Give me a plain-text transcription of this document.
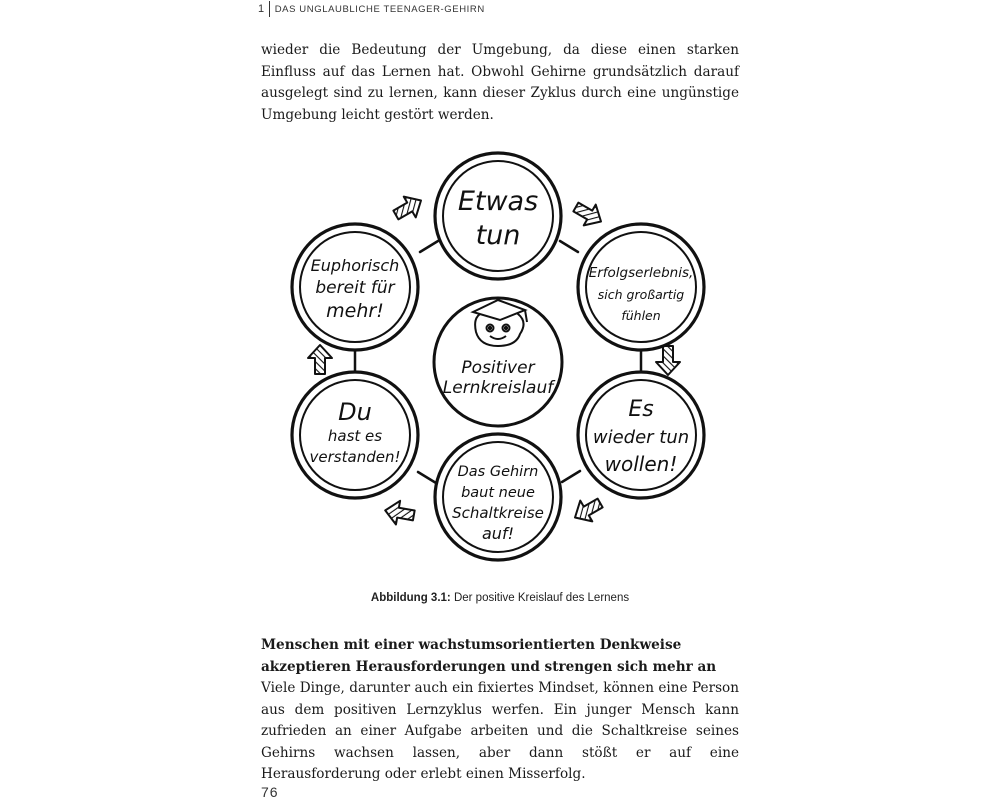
1	DAS UNGLAUBLICHE TEENAGER-GEHIRN

wieder die Bedeutung der Umgebung, da diese einen starken Einfluss auf das Lernen hat. Obwohl Gehirne grundsätzlich darauf ausgelegt sind zu lernen, kann dieser Zyklus durch eine ungünstige Umgebung leicht gestört werden.

Positiver
Lernkreislauf
Etwas
tun
Erfolgserlebnis,
sich großartig
fühlen
Es
wieder tun
wollen!
Das Gehirn
baut neue
Schaltkreise
auf!
Du
hast es
verstanden!
Euphorisch
bereit für
mehr!
Abbildung 3.1: Der positive Kreislauf des Lernens

Menschen mit einer wachstumsorientierten Denkweise akzeptieren Herausforderungen und strengen sich mehr an

Viele Dinge, darunter auch ein fixiertes Mindset, können eine Person aus dem positiven Lernzyklus werfen. Ein junger Mensch kann zufrieden an einer Aufgabe arbeiten und die Schaltkreise seines Gehirns wachsen lassen, aber dann stößt er auf eine Herausforderung oder erlebt einen Misserfolg.

76
